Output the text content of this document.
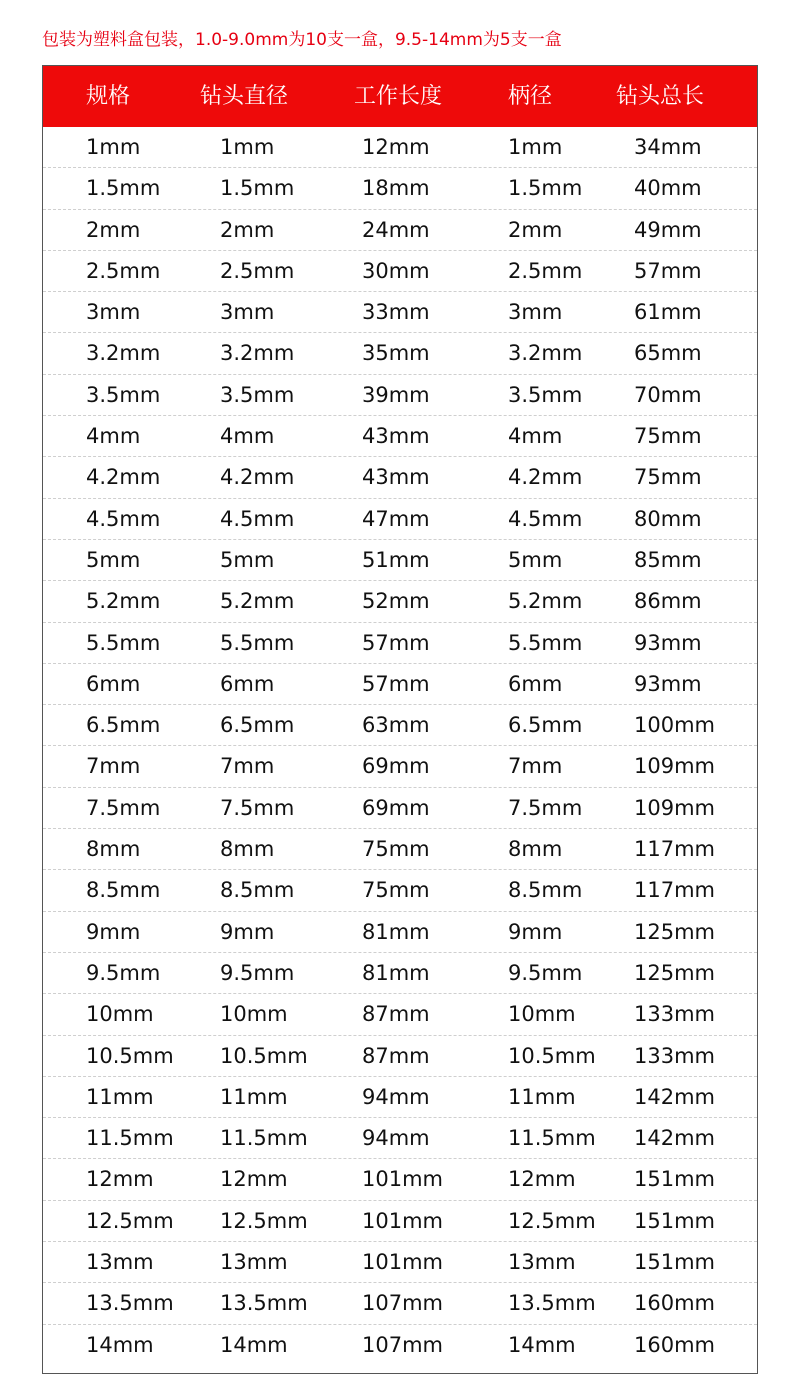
包装为塑料盒包装，1.0-9.0mm为10支一盒，9.5-14mm为5支一盒
规格	钻头直径	工作长度	柄径	钻头总长
1mm	1mm	12mm	1mm	34mm
1.5mm	1.5mm	18mm	1.5mm 40mm
2mm	2mm	24mm	2mm	49mm
2.5mm	2.5mm	30mm	2.5mm 57mm
3mm	3mm	33mm	3mm	61mm
3.2mm	3.2mm	35mm	3.2mm 65mm
3.5mm	3.5mm	39mm	3.5mm 70mm
4mm	4mm	43mm	4mm	75mm
4.2mm	4.2mm	43mm	4.2mm 75mm
4.5mm	4.5mm	47mm	4.5mm 80mm
5mm	5mm	51mm	5mm	85mm
5.2mm	5.2mm	52mm	5.2mm 86mm
5.5mm	5.5mm	57mm	5.5mm 93mm
6mm	6mm	57mm	6mm	93mm
6.5mm	6.5mm	63mm	6.5mm 100mm
7mm	7mm	69mm	7mm	109mm
7.5mm	7.5mm	69mm	7.5mm 109mm
8mm	8mm	75mm	8mm	117mm
8.5mm	8.5mm	75mm	8.5mm 117mm
9mm	9mm	81mm	9mm	125mm
9.5mm	9.5mm	81mm	9.5mm 125mm
10mm	10mm	87mm	10mm	133mm
10.5mm 10.5mm	87mm	10.5mm 133mm
11mm	11mm	94mm	11mm	142mm
11.5mm 11.5mm	94mm	11.5mm 142mm
12mm	12mm	101mm	12mm	151mm
12.5mm 12.5mm	101mm	12.5mm 151mm
13mm	13mm	101mm	13mm	151mm
13.5mm 13.5mm	107mm	13.5mm 160mm
14mm	14mm	107mm	14mm	160mm
